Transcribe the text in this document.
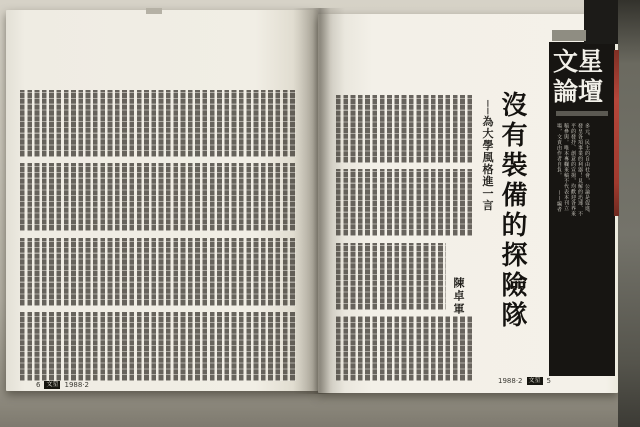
文星
論壇
多元、民主的自由社會，公論是促進、發皇各項事業的利器！見解的迅速、不平的發抒、創意的宣揚，均歡迎各界來稿參與。唯本專欄來稿不代表本刊立場，文責由作者自負。 ——編者
沒有裝備的探險隊
──為大學風格進一言
陳卓軍
6	文星 1988·2	1988·2	文星 5
